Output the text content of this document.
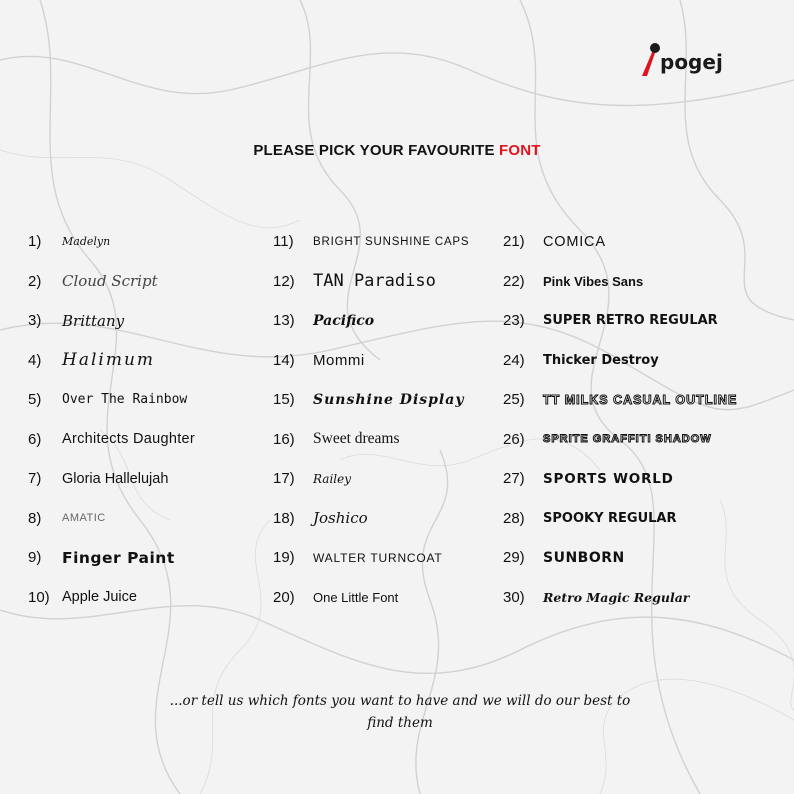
pogej
PLEASE PICK YOUR FAVOURITE FONT
1)	Madelyn
2)	Cloud Script
3)	Brittany
4)	Halimum
5)	Over The Rainbow
6)	Architects Daughter
7)	Gloria Hallelujah
8)	AMATIC
9)	Finger Paint
10) Apple Juice
11)	BRIGHT SUNSHINE CAPS
12)	TAN Paradiso
13)	Pacifico
14)	Mommi
15)	Sunshine Display
16)	Sweet dreams
17)	Railey
18)	Joshico
19)	WALTER TURNCOAT
20)	One Little Font
21)	COMICA
22)	Pink Vibes Sans
23)	SUPER RETRO REGULAR
24)	Thicker Destroy
25)	TT MILKS CASUAL OUTLINE
26)	SPRITE GRAFFITI SHADOW
27)	SPORTS WORLD
28)	SPOOKY REGULAR
29)	SUNBORN
30)	Retro Magic Regular
...or tell us which fonts you want to have and we will do our best to
find them
